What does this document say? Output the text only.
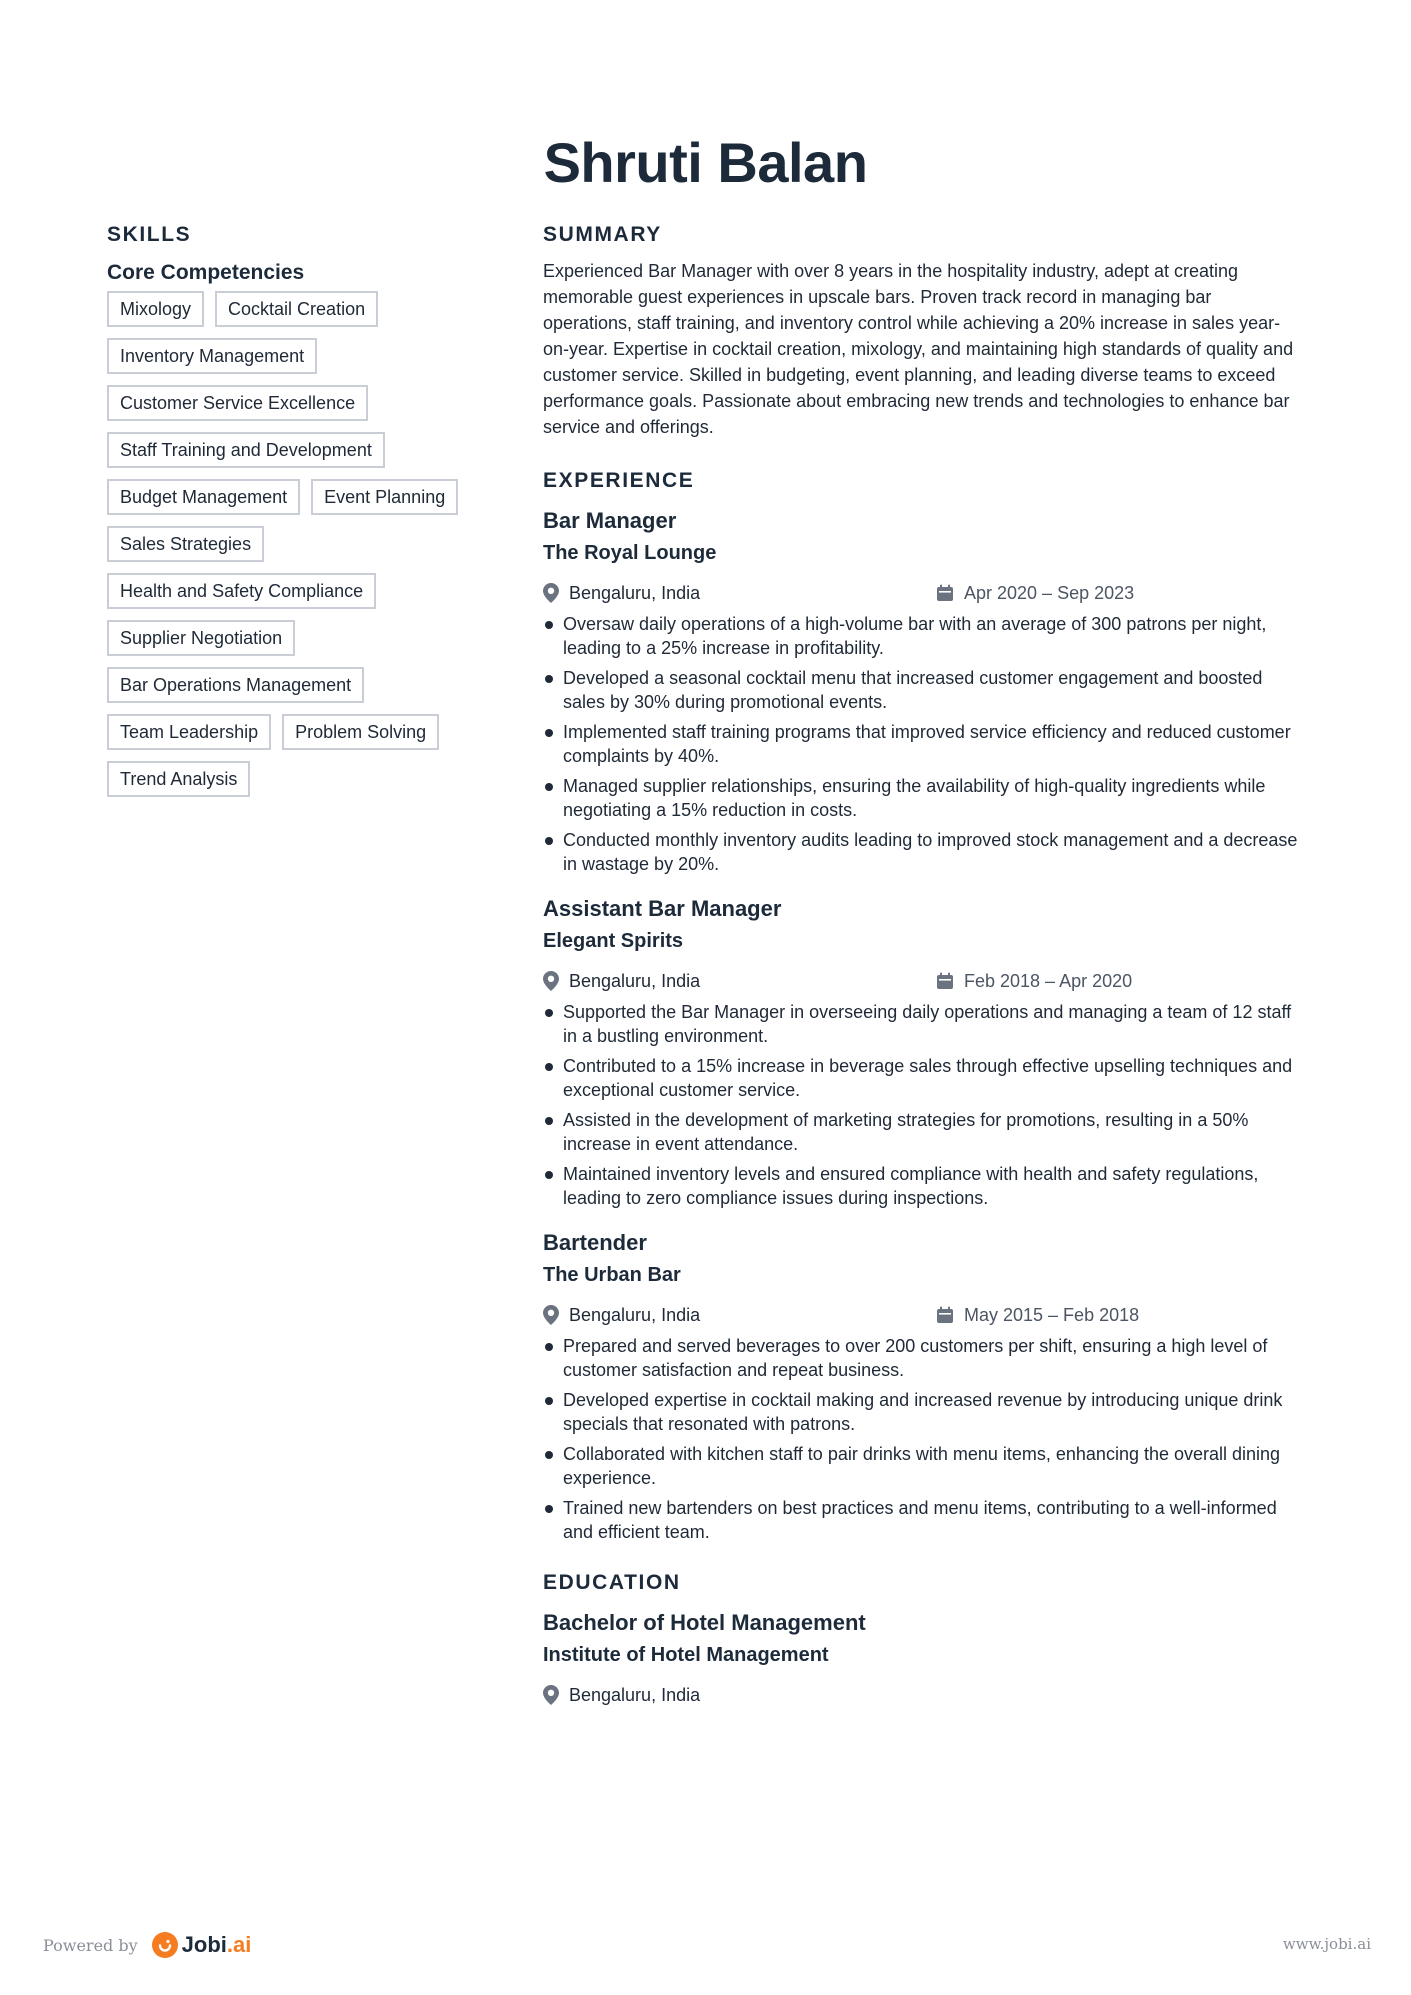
Shruti Balan
SKILLS
Core Competencies
Mixology	Cocktail Creation
Inventory Management
Customer Service Excellence
Staff Training and Development
Budget Management	Event Planning
Sales Strategies
Health and Safety Compliance
Supplier Negotiation
Bar Operations Management
Team Leadership	Problem Solving
Trend Analysis
SUMMARY

Experienced Bar Manager with over 8 years in the hospitality industry, adept at creating memorable guest experiences in upscale bars. Proven track record in managing bar operations, staff training, and inventory control while achieving a 20% increase in sales year-on-year. Expertise in cocktail creation, mixology, and maintaining high standards of quality and customer service. Skilled in budgeting, event planning, and leading diverse teams to exceed performance goals. Passionate about embracing new trends and technologies to enhance bar service and offerings.

EXPERIENCE
Bar Manager
The Royal Lounge
Bengaluru, India	Apr 2020 – Sep 2023
Oversaw daily operations of a high-volume bar with an average of 300 patrons per night, leading to a 25% increase in profitability.
Developed a seasonal cocktail menu that increased customer engagement and boosted sales by 30% during promotional events.
Implemented staff training programs that improved service efficiency and reduced customer complaints by 40%.
Managed supplier relationships, ensuring the availability of high-quality ingredients while negotiating a 15% reduction in costs.
Conducted monthly inventory audits leading to improved stock management and a decrease in wastage by 20%.
Assistant Bar Manager
Elegant Spirits
Bengaluru, India	Feb 2018 – Apr 2020
Supported the Bar Manager in overseeing daily operations and managing a team of 12 staff in a bustling environment.
Contributed to a 15% increase in beverage sales through effective upselling techniques and exceptional customer service.
Assisted in the development of marketing strategies for promotions, resulting in a 50% increase in event attendance.
Maintained inventory levels and ensured compliance with health and safety regulations, leading to zero compliance issues during inspections.
Bartender
The Urban Bar
Bengaluru, India	May 2015 – Feb 2018
Prepared and served beverages to over 200 customers per shift, ensuring a high level of customer satisfaction and repeat business.
Developed expertise in cocktail making and increased revenue by introducing unique drink specials that resonated with patrons.
Collaborated with kitchen staff to pair drinks with menu items, enhancing the overall dining experience.
Trained new bartenders on best practices and menu items, contributing to a well-informed and efficient team.
EDUCATION
Bachelor of Hotel Management
Institute of Hotel Management
Bengaluru, India
Powered by Jobi.ai	www.jobi.ai
